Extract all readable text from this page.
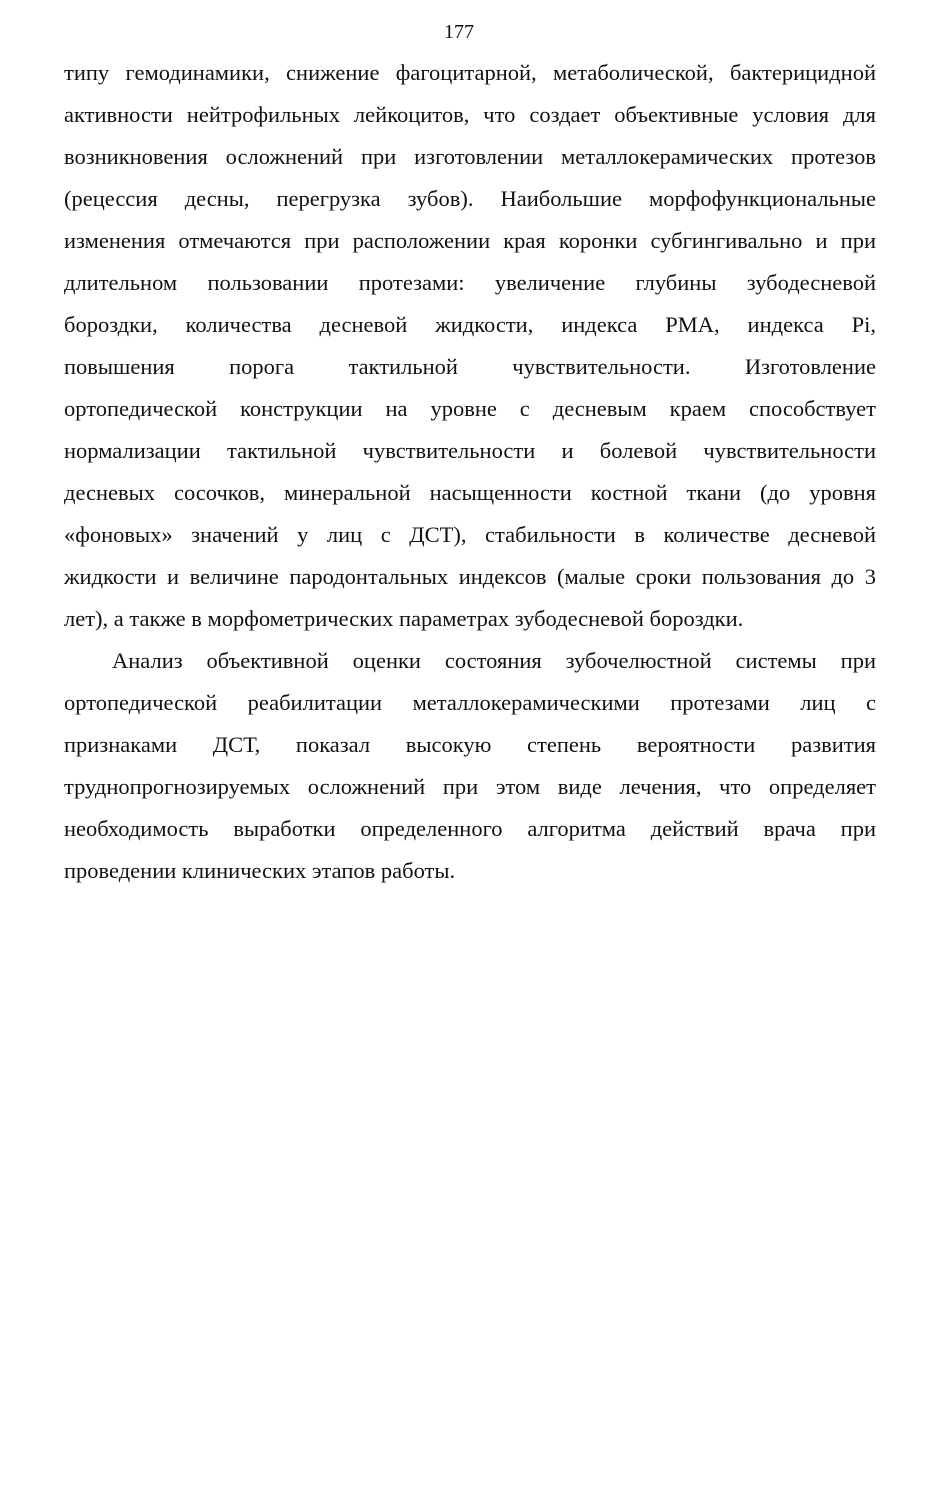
177
типу гемодинамики, снижение фагоцитарной, метаболической, бактерицидной
активности нейтрофильных лейкоцитов, что создает объективные условия для
возникновения осложнений при изготовлении металлокерамических протезов
(рецессия десны, перегрузка зубов). Наибольшие морфофункциональные
изменения отмечаются при расположении края коронки субгингивально и при
длительном пользовании протезами: увеличение глубины зубодесневой
бороздки, количества десневой жидкости, индекса РМА, индекса Pi,
повышения порога тактильной чувствительности. Изготовление
ортопедической конструкции на уровне с десневым краем способствует
нормализации тактильной чувствительности и болевой чувствительности
десневых сосочков, минеральной насыщенности костной ткани (до уровня
«фоновых» значений у лиц с ДСТ), стабильности в количестве десневой
жидкости и величине пародонтальных индексов (малые сроки пользования до 3
лет), а также в морфометрических параметрах зубодесневой бороздки.
Анализ объективной оценки состояния зубочелюстной системы при
ортопедической реабилитации металлокерамическими протезами лиц с
признаками ДСТ, показал высокую степень вероятности развития
труднопрогнозируемых осложнений при этом виде лечения, что определяет
необходимость выработки определенного алгоритма действий врача при
проведении клинических этапов работы.
